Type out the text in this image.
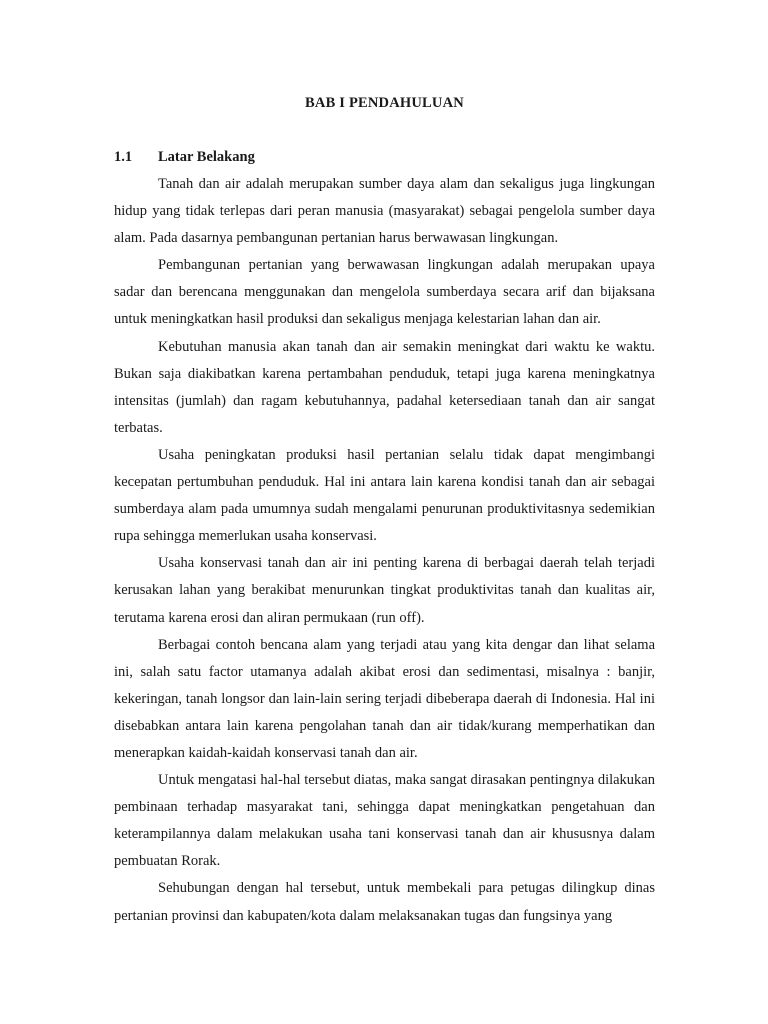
BAB I PENDAHULUAN
1.1	Latar Belakang

Tanah dan air adalah merupakan sumber daya alam dan sekaligus juga lingkungan hidup yang tidak terlepas dari peran manusia (masyarakat) sebagai pengelola sumber daya alam. Pada dasarnya pembangunan pertanian harus berwawasan lingkungan.

Pembangunan pertanian yang berwawasan lingkungan adalah merupakan upaya sadar dan berencana menggunakan dan mengelola sumberdaya secara arif dan bijaksana untuk meningkatkan hasil produksi dan sekaligus menjaga kelestarian lahan dan air.

Kebutuhan manusia akan tanah dan air semakin meningkat dari waktu ke waktu. Bukan saja diakibatkan karena pertambahan penduduk, tetapi juga karena meningkatnya intensitas (jumlah) dan ragam kebutuhannya, padahal ketersediaan tanah dan air sangat terbatas.

Usaha peningkatan produksi hasil pertanian selalu tidak dapat mengimbangi kecepatan pertumbuhan penduduk. Hal ini antara lain karena kondisi tanah dan air sebagai sumberdaya alam pada umumnya sudah mengalami penurunan produktivitasnya sedemikian rupa sehingga memerlukan usaha konservasi.

Usaha konservasi tanah dan air ini penting karena di berbagai daerah telah terjadi kerusakan lahan yang berakibat menurunkan tingkat produktivitas tanah dan kualitas air, terutama karena erosi dan aliran permukaan (run off).

Berbagai contoh bencana alam yang terjadi atau yang kita dengar dan lihat selama ini, salah satu factor utamanya adalah akibat erosi dan sedimentasi, misalnya : banjir, kekeringan, tanah longsor dan lain-lain sering terjadi dibeberapa daerah di Indonesia. Hal ini disebabkan antara lain karena pengolahan tanah dan air tidak/kurang memperhatikan dan menerapkan kaidah-kaidah konservasi tanah dan air.

Untuk mengatasi hal-hal tersebut diatas, maka sangat dirasakan pentingnya dilakukan pembinaan terhadap masyarakat tani, sehingga dapat meningkatkan pengetahuan dan keterampilannya dalam melakukan usaha tani konservasi tanah dan air khususnya dalam pembuatan Rorak.

Sehubungan dengan hal tersebut, untuk membekali para petugas dilingkup dinas pertanian provinsi dan kabupaten/kota dalam melaksanakan tugas dan fungsinya yang
